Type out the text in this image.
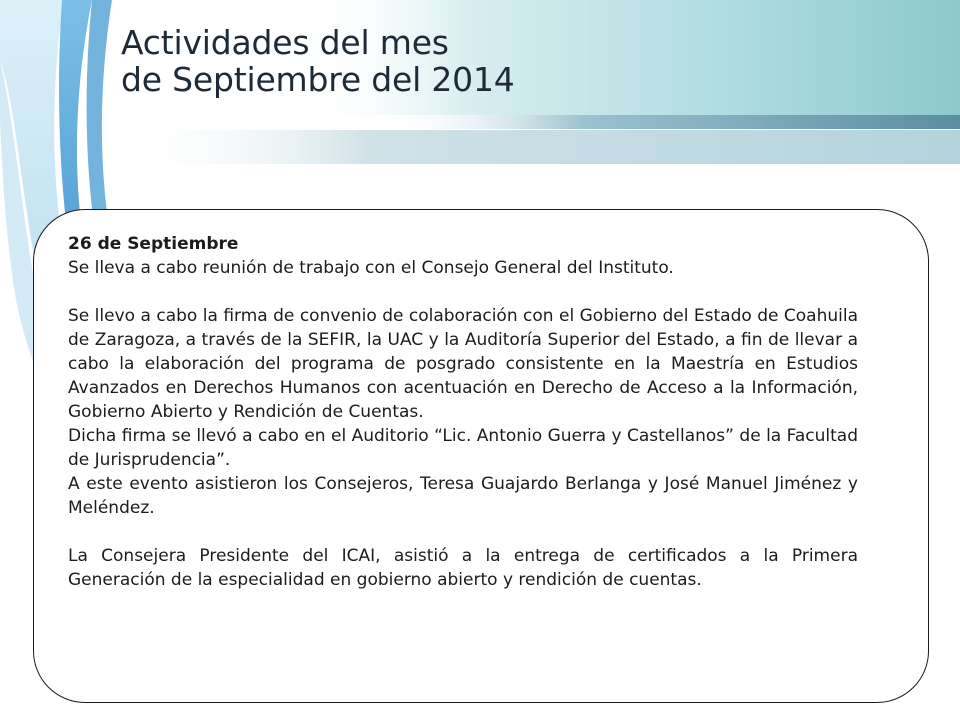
Actividades del mes
de Septiembre del 2014

26 de Septiembre

Se lleva a cabo reunión de trabajo con el Consejo General del Instituto.

Se llevo a cabo la firma de convenio de colaboración con el Gobierno del Estado de Coahuila de Zaragoza, a través de la SEFIR, la UAC y la Auditoría Superior del Estado, a fin de llevar a cabo la elaboración del programa de posgrado consistente en la Maestría en Estudios Avanzados en Derechos Humanos con acentuación en Derecho de Acceso a la Información, Gobierno Abierto y Rendición de Cuentas.

Dicha firma se llevó a cabo en el Auditorio “Lic. Antonio Guerra y Castellanos” de la Facultad de Jurisprudencia”.

A este evento asistieron los Consejeros, Teresa Guajardo Berlanga y José Manuel Jiménez y Meléndez.

La Consejera Presidente del ICAI, asistió a la entrega de certificados a la Primera Generación de la especialidad en gobierno abierto y rendición de cuentas.
